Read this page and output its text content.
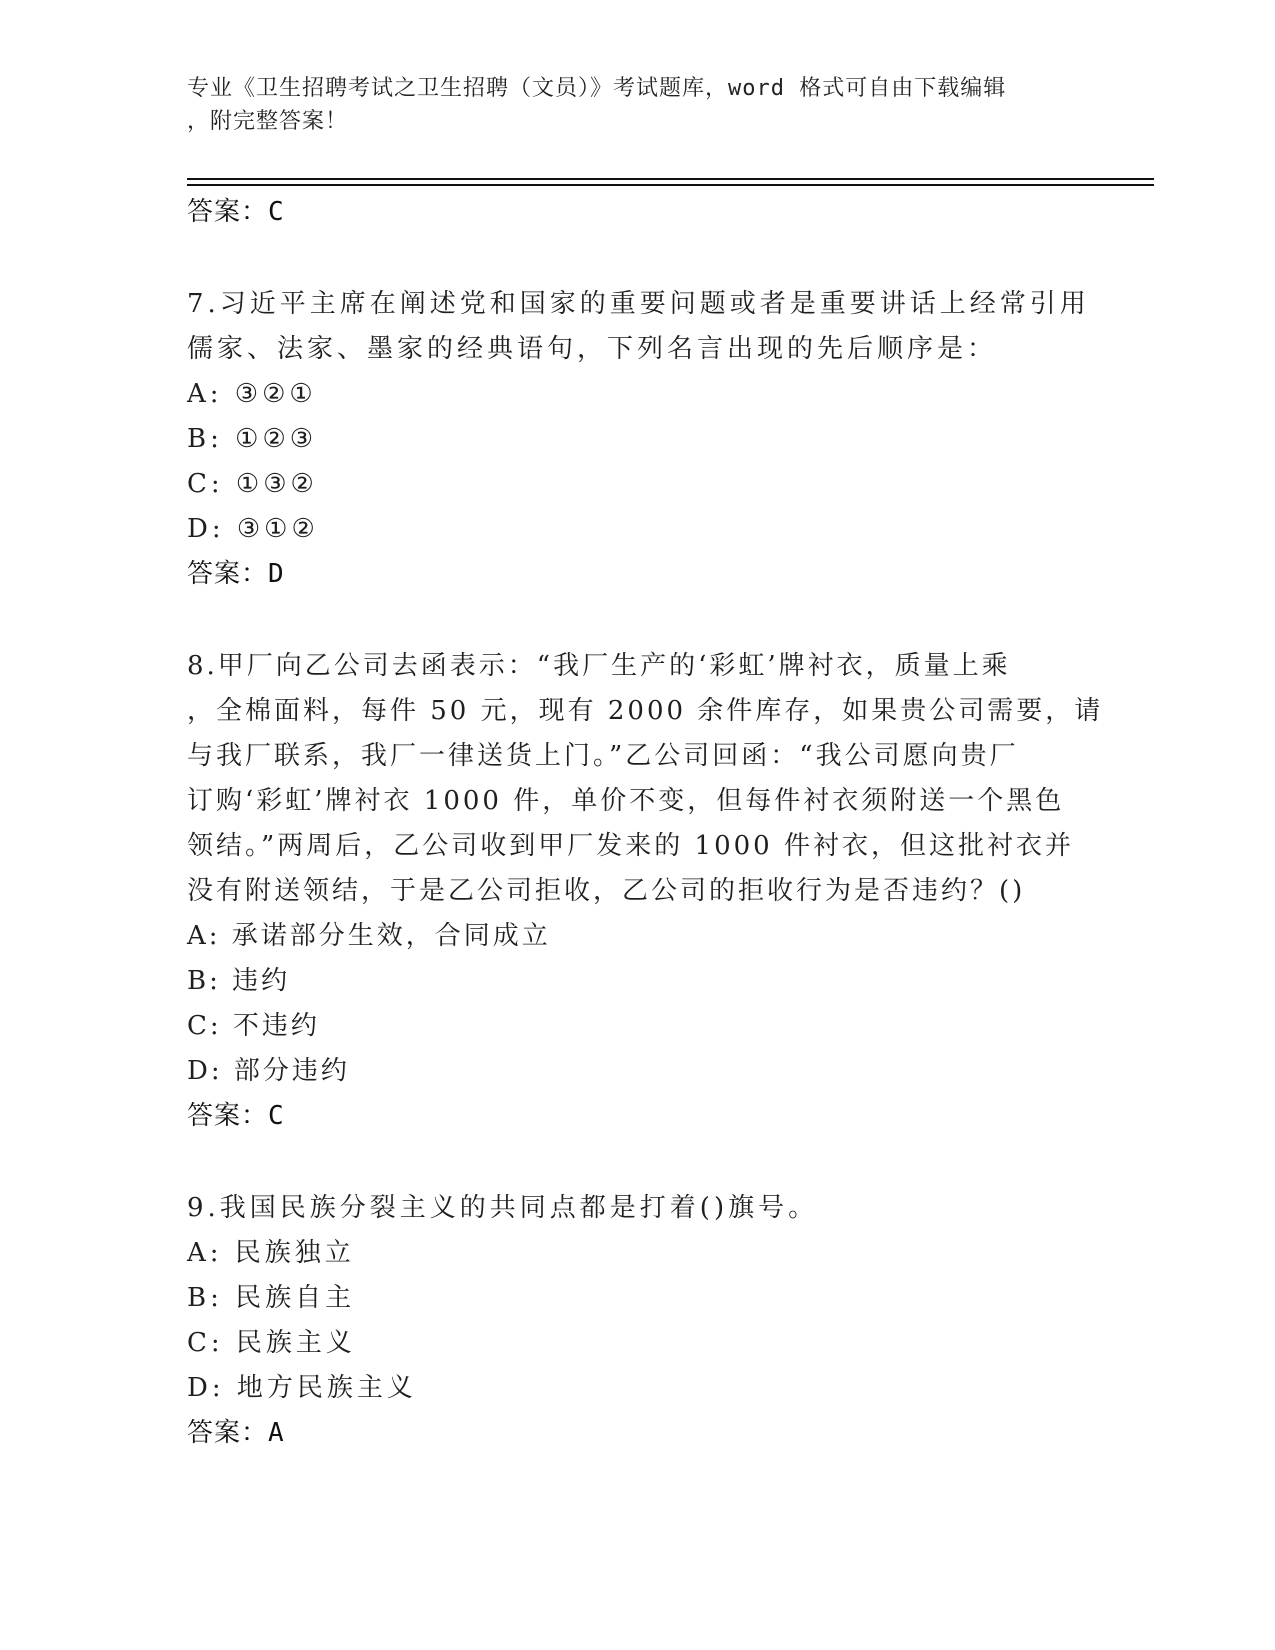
专业《卫生招聘考试之卫生招聘（文员）》考试题库，word 格式可自由下载编辑
，附完整答案！
答案：C
7.习近平主席在阐述党和国家的重要问题或者是重要讲话上经常引用
儒家、法家、墨家的经典语句，下列名言出现的先后顺序是：
A: ③②①
B: ①②③
C: ①③②
D: ③①②
答案：D
8.甲厂向乙公司去函表示：“我厂生产的‘彩虹’牌衬衣，质量上乘
，全棉面料，每件 50 元，现有 2000 余件库存，如果贵公司需要，请
与我厂联系，我厂一律送货上门。”乙公司回函：“我公司愿向贵厂
订购‘彩虹’牌衬衣 1000 件，单价不变，但每件衬衣须附送一个黑色
领结。”两周后，乙公司收到甲厂发来的 1000 件衬衣，但这批衬衣并
没有附送领结，于是乙公司拒收，乙公司的拒收行为是否违约？()
A: 承诺部分生效，合同成立
B: 违约
C: 不违约
D: 部分违约
答案：C
9.我国民族分裂主义的共同点都是打着()旗号。
A: 民族独立
B: 民族自主
C: 民族主义
D: 地方民族主义
答案：A
